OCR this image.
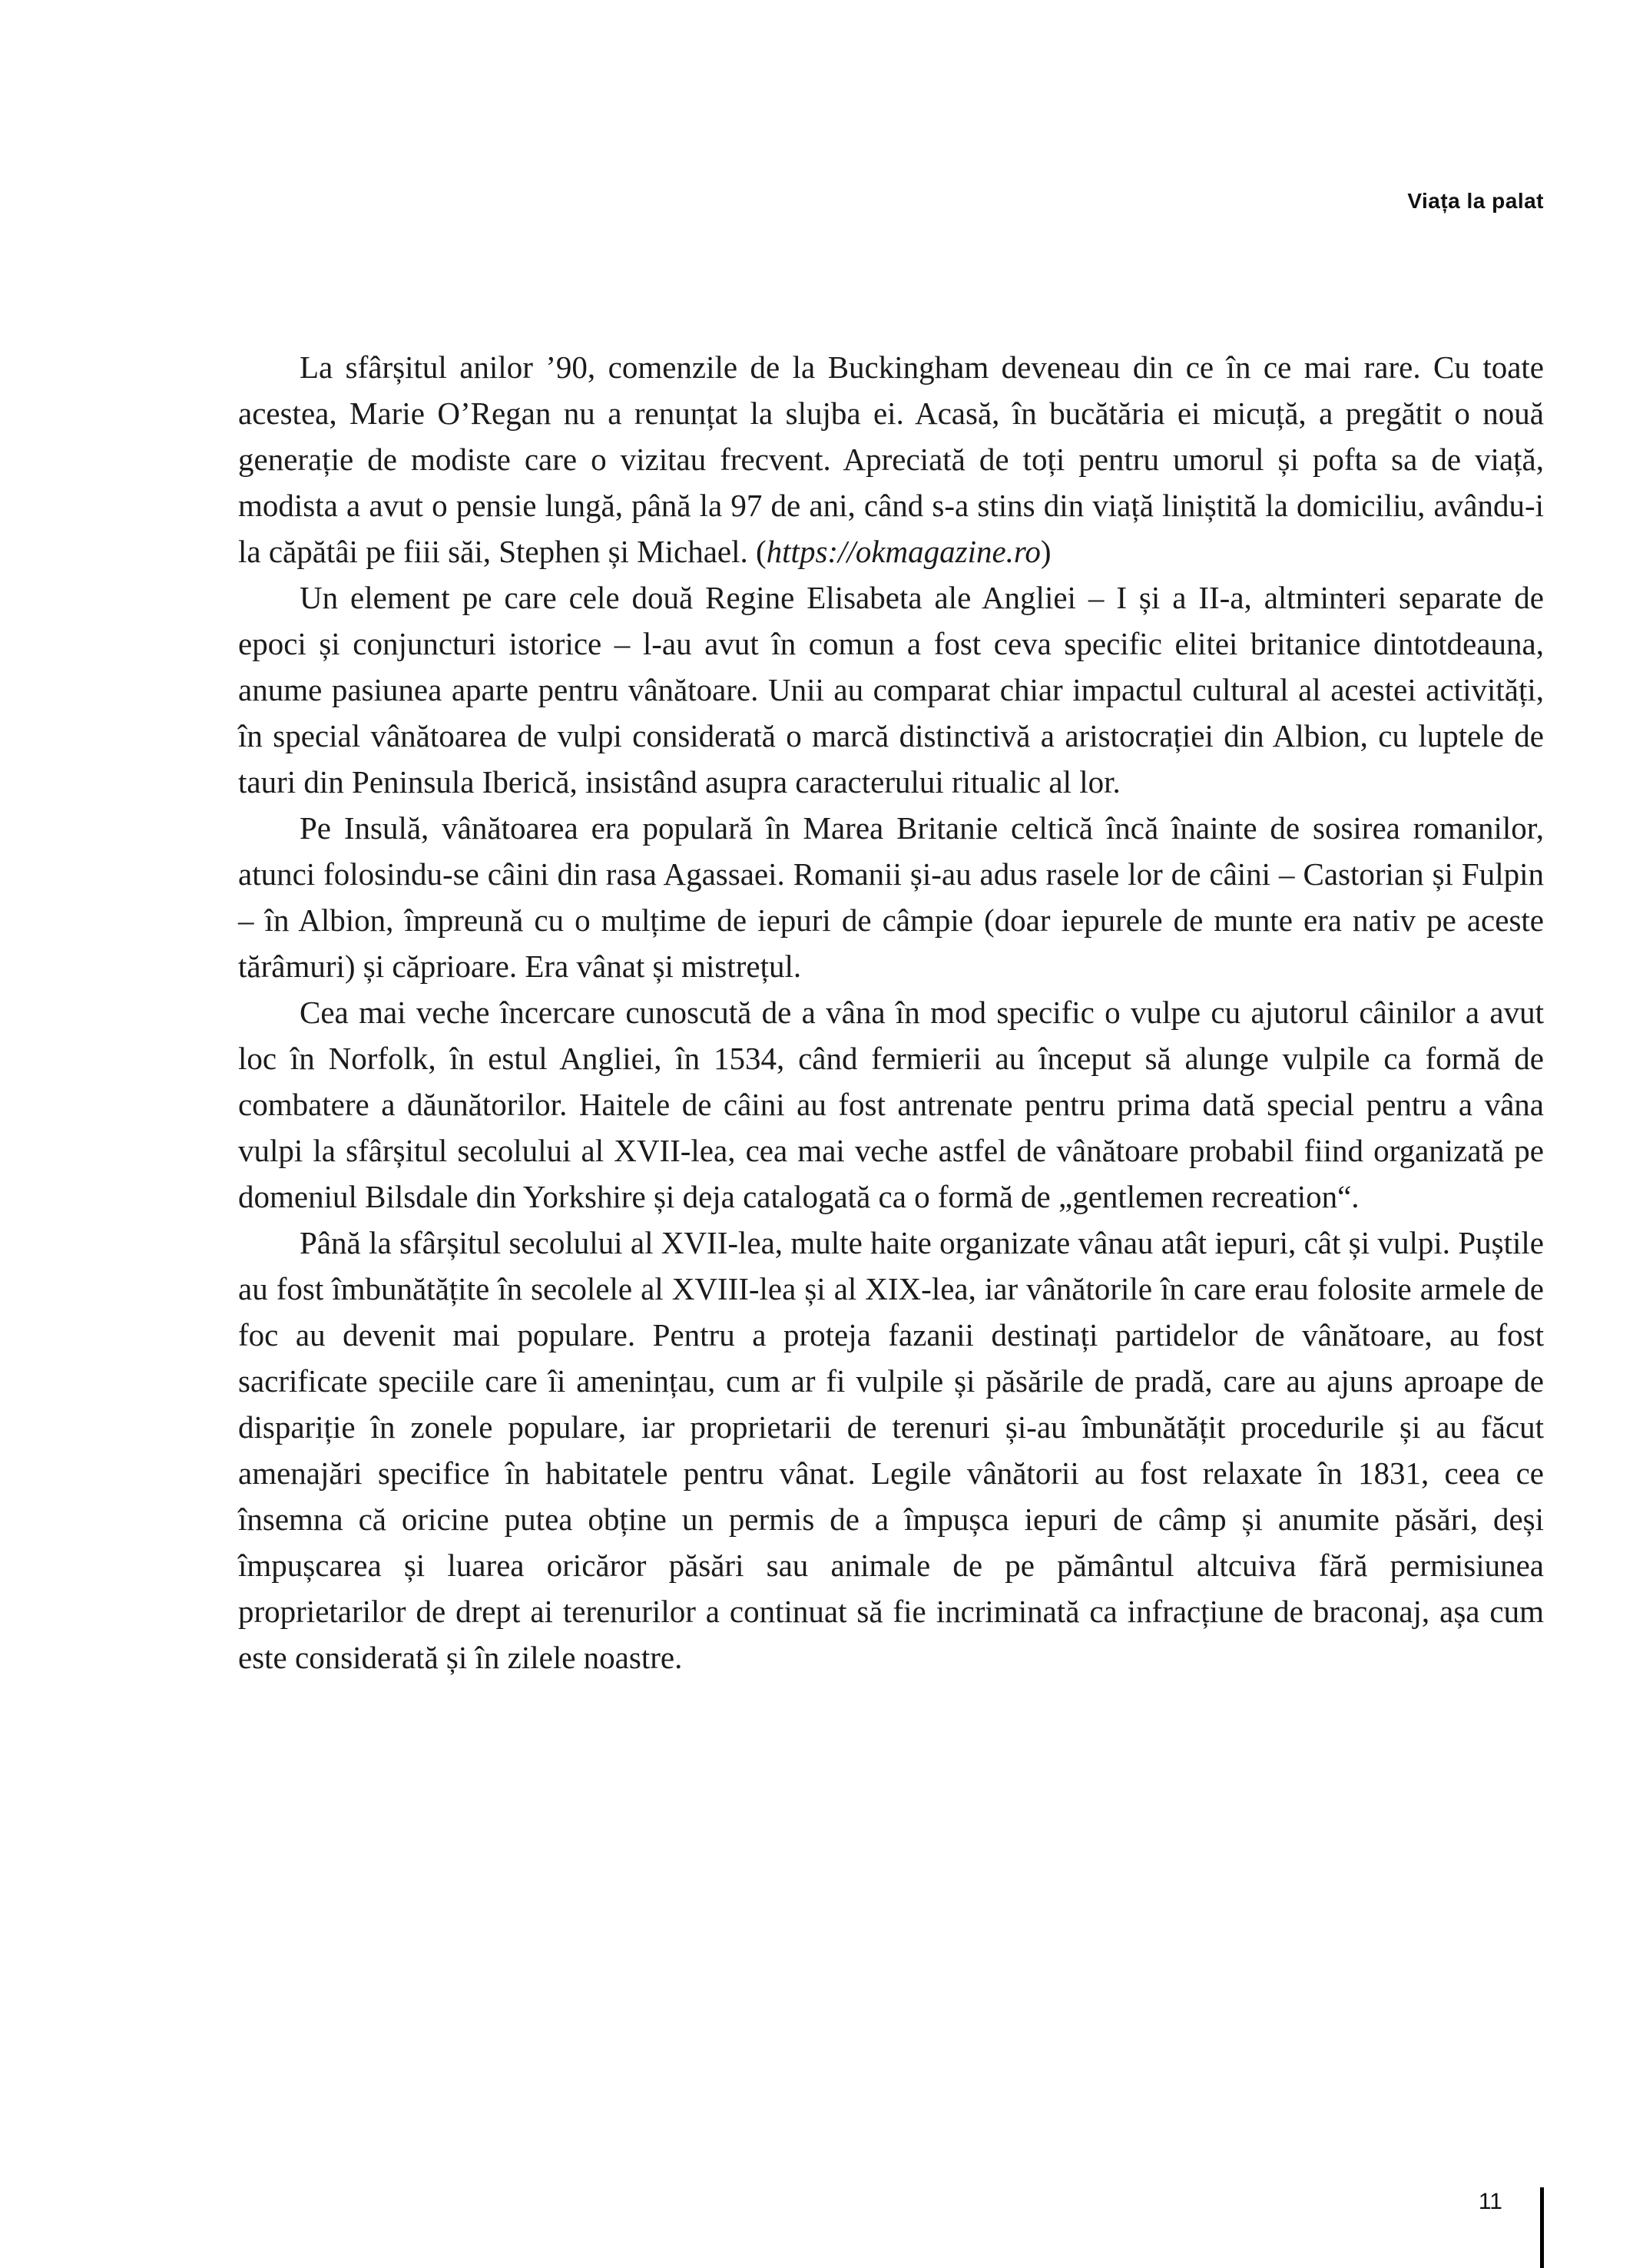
Viața la palat

La sfârșitul anilor ’90, comenzile de la Buckingham deveneau din ce în ce mai rare. Cu toate acestea, Marie O’Regan nu a renunțat la slujba ei. Acasă, în bucătăria ei micuță, a pregătit o nouă generație de modiste care o vizitau frecvent. Apreciată de toți pentru umorul și pofta sa de viață, modista a avut o pensie lungă, până la 97 de ani, când s-a stins din viață liniștită la domiciliu, avându-i la căpătâi pe fiii săi, Stephen și Michael. (https://okmagazine.ro)

Un element pe care cele două Regine Elisabeta ale Angliei – I și a II-a, altminteri separate de epoci și conjuncturi istorice – l-au avut în comun a fost ceva specific elitei britanice dintotdeauna, anume pasiunea aparte pentru vânătoare. Unii au comparat chiar impactul cultural al acestei activități, în special vânătoarea de vulpi considerată o marcă distinctivă a aristocrației din Albion, cu luptele de tauri din Peninsula Iberică, insistând asupra caracterului ritualic al lor.

Pe Insulă, vânătoarea era populară în Marea Britanie celtică încă înainte de sosirea romanilor, atunci folosindu-se câini din rasa Agassaei. Romanii și-au adus rasele lor de câini – Castorian și Fulpin – în Albion, împreună cu o mulțime de iepuri de câmpie (doar iepurele de munte era nativ pe aceste tărâmuri) și căprioare. Era vânat și mistrețul.

Cea mai veche încercare cunoscută de a vâna în mod specific o vulpe cu ajutorul câinilor a avut loc în Norfolk, în estul Angliei, în 1534, când fermierii au început să alunge vulpile ca formă de combatere a dăunătorilor. Haitele de câini au fost antrenate pentru prima dată special pentru a vâna vulpi la sfârșitul secolului al XVII-lea, cea mai veche astfel de vânătoare probabil fiind organizată pe domeniul Bilsdale din Yorkshire și deja catalogată ca o formă de „gentlemen recreation“.

Până la sfârșitul secolului al XVII-lea, multe haite organizate vânau atât iepuri, cât și vulpi. Puștile au fost îmbunătățite în secolele al XVIII-lea și al XIX-lea, iar vânătorile în care erau folosite armele de foc au devenit mai populare. Pentru a proteja fazanii destinați partidelor de vânătoare, au fost sacrificate speciile care îi amenințau, cum ar fi vulpile și păsările de pradă, care au ajuns aproape de dispariție în zonele populare, iar proprietarii de terenuri și-au îmbunătățit procedurile și au făcut amenajări specifice în habitatele pentru vânat. Legile vânătorii au fost relaxate în 1831, ceea ce însemna că oricine putea obține un permis de a împușca iepuri de câmp și anumite păsări, deși împușcarea și luarea oricăror păsări sau animale de pe pământul altcuiva fără permisiunea proprietarilor de drept ai terenurilor a continuat să fie incriminată ca infracțiune de braconaj, așa cum este considerată și în zilele noastre.

11
